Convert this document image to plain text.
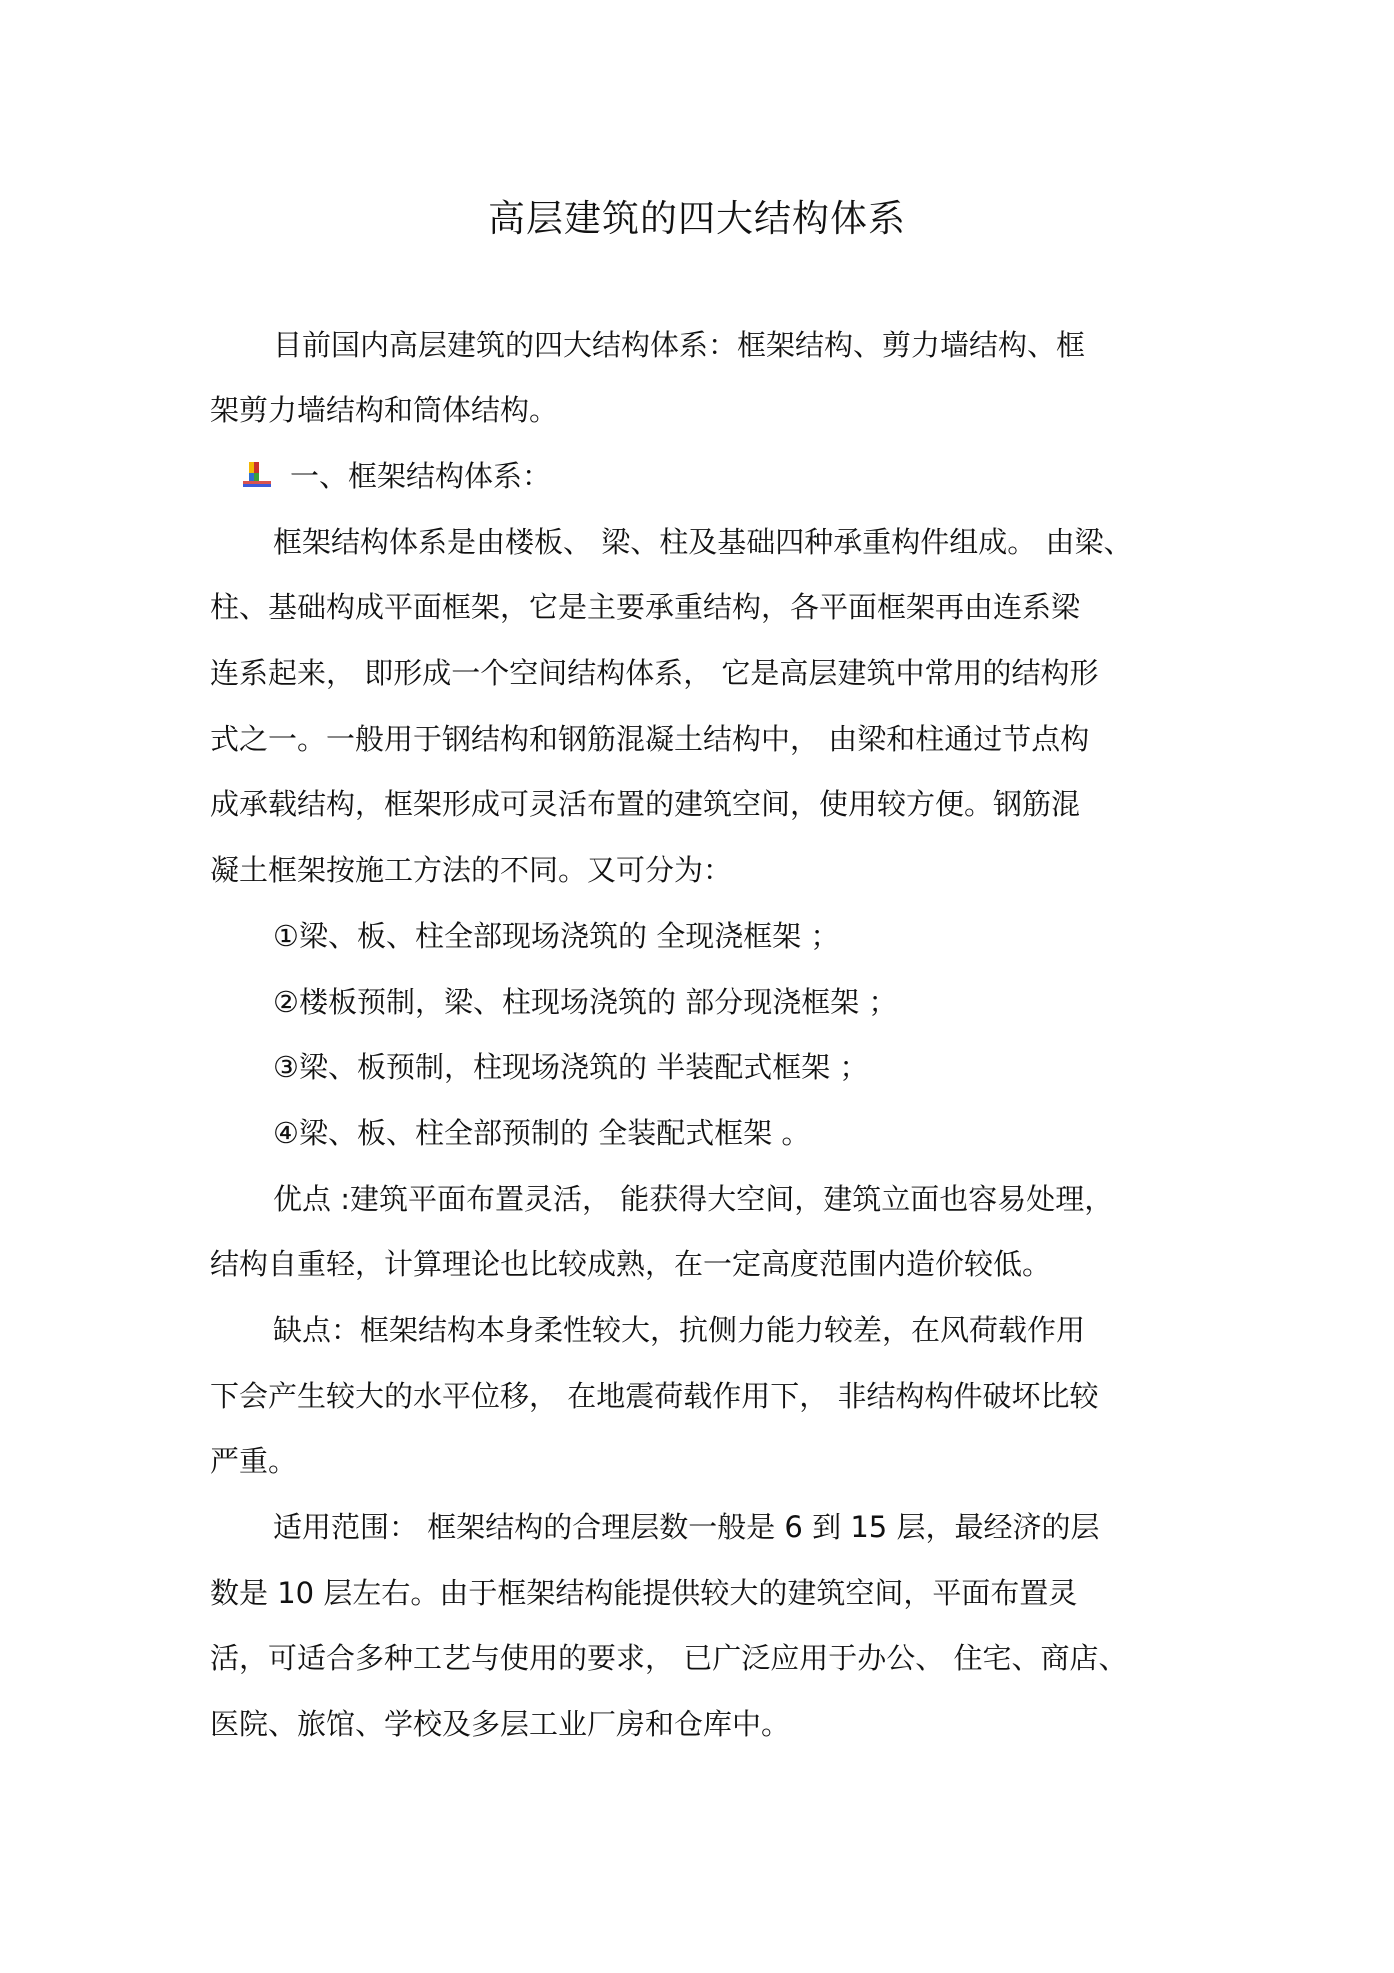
高层建筑的四大结构体系
目前国内高层建筑的四大结构体系：框架结构、剪力墙结构、框
架剪力墙结构和筒体结构。
一、框架结构体系：
框架结构体系是由楼板、 梁、柱及基础四种承重构件组成。 由梁、
柱、基础构成平面框架，它是主要承重结构，各平面框架再由连系梁
连系起来， 即形成一个空间结构体系， 它是高层建筑中常用的结构形
式之一。一般用于钢结构和钢筋混凝土结构中， 由梁和柱通过节点构
成承载结构，框架形成可灵活布置的建筑空间，使用较方便。钢筋混
凝土框架按施工方法的不同。又可分为：
①梁、板、柱全部现场浇筑的 全现浇框架 ；
②楼板预制，梁、柱现场浇筑的 部分现浇框架 ；
③梁、板预制，柱现场浇筑的 半装配式框架 ；
④梁、板、柱全部预制的 全装配式框架 。
优点 :建筑平面布置灵活， 能获得大空间，建筑立面也容易处理，
结构自重轻，计算理论也比较成熟，在一定高度范围内造价较低。
缺点：框架结构本身柔性较大，抗侧力能力较差，在风荷载作用
下会产生较大的水平位移， 在地震荷载作用下， 非结构构件破坏比较
严重。
适用范围： 框架结构的合理层数一般是 6 到 15 层，最经济的层
数是 10 层左右。由于框架结构能提供较大的建筑空间，平面布置灵
活，可适合多种工艺与使用的要求， 已广泛应用于办公、 住宅、商店、
医院、旅馆、学校及多层工业厂房和仓库中。
